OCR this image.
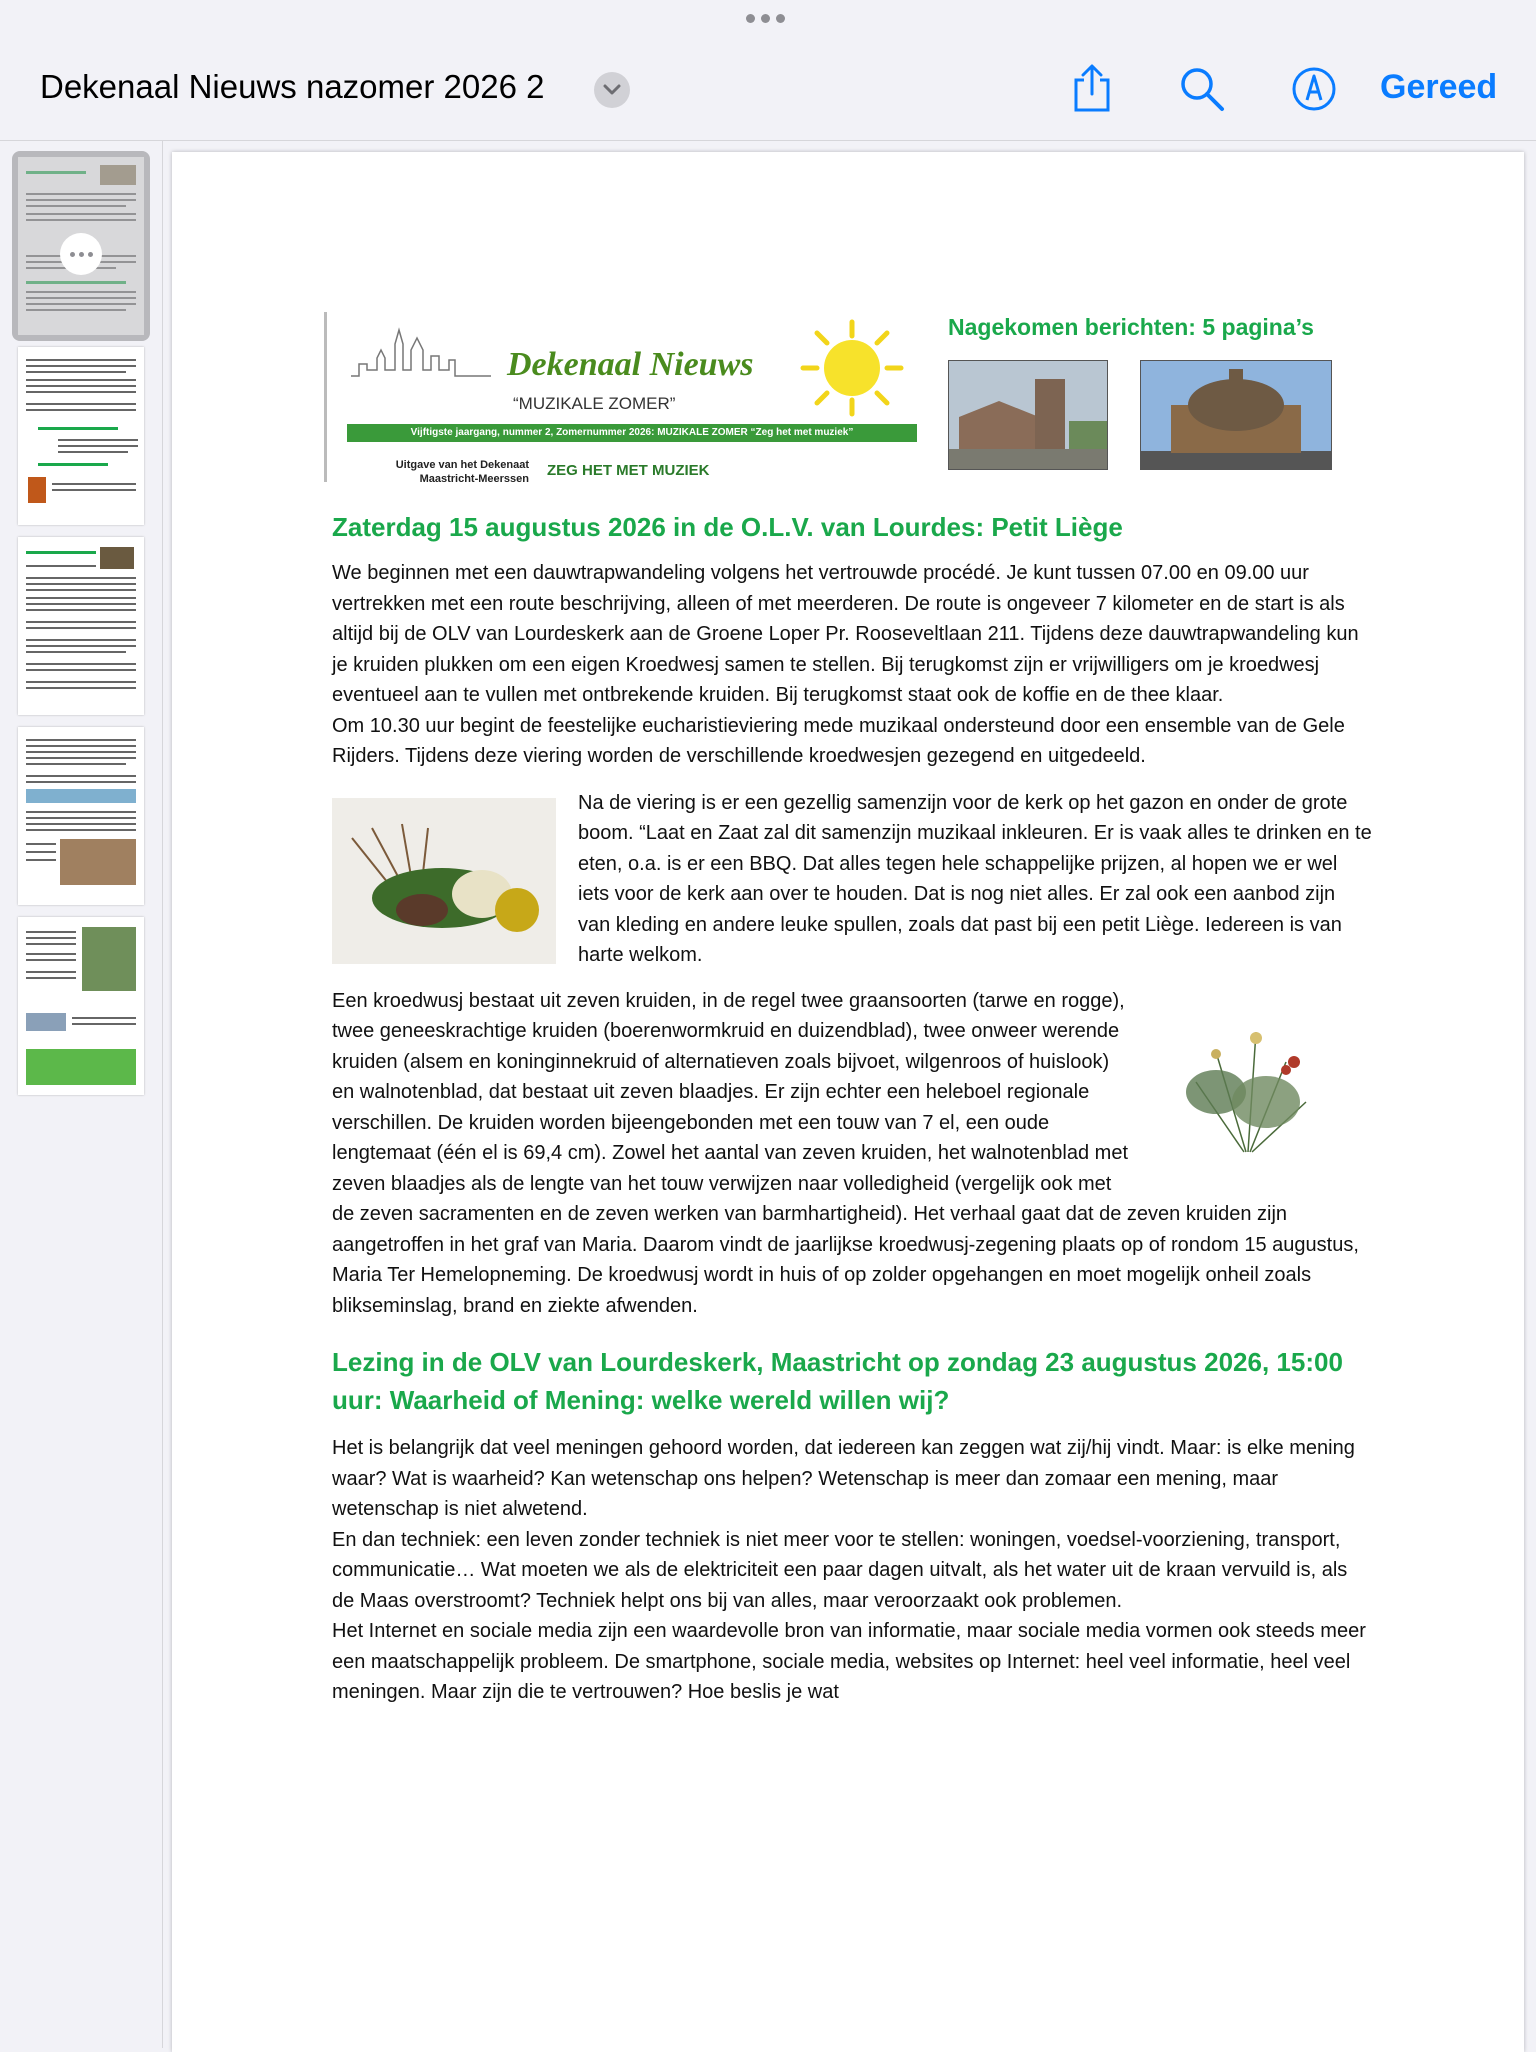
Dekenaal Nieuws nazomer 2026 2	Gereed
Dekenaal Nieuws
“MUZIKALE ZOMER”
Vijftigste jaargang, nummer 2, Zomernummer 2026: MUZIKALE ZOMER “Zeg het met muziek”
Uitgave van het Dekenaat Maastricht-Meerssen ZEG HET MET MUZIEK
Nagekomen berichten: 5 pagina’s
Zaterdag 15 augustus 2026 in de O.L.V. van Lourdes: Petit Liège

We beginnen met een dauwtrapwandeling volgens het vertrouwde procédé. Je kunt tussen 07.00 en 09.00 uur vertrekken met een route beschrijving, alleen of met meerderen. De route is ongeveer 7 kilometer en de start is als altijd bij de OLV van Lourdeskerk aan de Groene Loper Pr. Rooseveltlaan 211. Tijdens deze dauwtrapwandeling kun je kruiden plukken om een eigen Kroedwesj samen te stellen. Bij terugkomst zijn er vrijwilligers om je kroedwesj eventueel aan te vullen met ontbrekende kruiden. Bij terugkomst staat ook de koffie en de thee klaar.

Om 10.30 uur begint de feestelijke eucharistieviering mede muzikaal ondersteund door een ensemble van de Gele Rijders. Tijdens deze viering worden de verschillende kroedwesjen gezegend en uitgedeeld.

Na de viering is er een gezellig samenzijn voor de kerk op het gazon en onder de grote boom. “Laat en Zaat zal dit samenzijn muzikaal inkleuren. Er is vaak alles te drinken en te eten, o.a. is er een BBQ. Dat alles tegen hele schappelijke prijzen, al hopen we er wel iets voor de kerk aan over te houden. Dat is nog niet alles. Er zal ook een aanbod zijn van kleding en andere leuke spullen, zoals dat past bij een petit Liège. Iedereen is van harte welkom.

Een kroedwusj bestaat uit zeven kruiden, in de regel twee graansoorten (tarwe en rogge), twee geneeskrachtige kruiden (boerenwormkruid en duizendblad), twee onweer werende kruiden (alsem en koninginnekruid of alternatieven zoals bijvoet, wilgenroos of huislook) en walnotenblad, dat bestaat uit zeven blaadjes. Er zijn echter een heleboel regionale verschillen. De kruiden worden bijeengebonden met een touw van 7 el, een oude lengtemaat (één el is 69,4 cm). Zowel het aantal van zeven kruiden, het walnotenblad met zeven blaadjes als de lengte van het touw verwijzen naar volledigheid (vergelijk ook met de zeven sacramenten en de zeven werken van barmhartigheid). Het verhaal gaat dat de zeven kruiden zijn aangetroffen in het graf van Maria. Daarom vindt de jaarlijkse kroedwusj-zegening plaats op of rondom 15 augustus, Maria Ter Hemelopneming. De kroedwusj wordt in huis of op zolder opgehangen en moet mogelijk onheil zoals blikseminslag, brand en ziekte afwenden.

Lezing in de OLV van Lourdeskerk, Maastricht op zondag 23 augustus 2026, 15:00 uur: Waarheid of Mening: welke wereld willen wij?

Het is belangrijk dat veel meningen gehoord worden, dat iedereen kan zeggen wat zij/hij vindt. Maar: is elke mening waar? Wat is waarheid? Kan wetenschap ons helpen? Wetenschap is meer dan zomaar een mening, maar wetenschap is niet alwetend.

En dan techniek: een leven zonder techniek is niet meer voor te stellen: woningen, voedsel-voorziening, transport, communicatie… Wat moeten we als de elektriciteit een paar dagen uitvalt, als het water uit de kraan vervuild is, als de Maas overstroomt? Techniek helpt ons bij van alles, maar veroorzaakt ook problemen.

Het Internet en sociale media zijn een waardevolle bron van informatie, maar sociale media vormen ook steeds meer een maatschappelijk probleem. De smartphone, sociale media, websites op Internet: heel veel informatie, heel veel meningen. Maar zijn die te vertrouwen? Hoe beslis je wat
